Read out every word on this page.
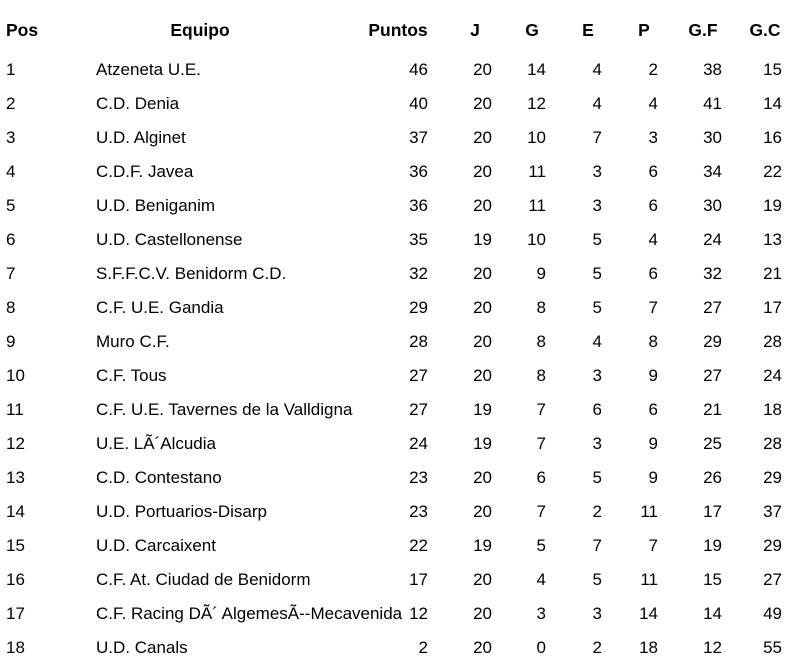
Pos	Equipo	Puntos	J	G	E	P	G.F	G.C
1	Atzeneta U.E.	46	20	14	4	2	38	15
2	C.D. Denia	40	20	12	4	4	41	14
3	U.D. Alginet	37	20	10	7	3	30	16
4	C.D.F. Javea	36	20	11	3	6	34	22
5	U.D. Beniganim	36	20	11	3	6	30	19
6	U.D. Castellonense	35	19	10	5	4	24	13
7	S.F.F.C.V. Benidorm C.D.	32	20	9	5	6	32	21
8	C.F. U.E. Gandia	29	20	8	5	7	27	17
9	Muro C.F.	28	20	8	4	8	29	28
10	C.F. Tous	27	20	8	3	9	27	24
11	C.F. U.E. Tavernes de la Valldigna	27	19	7	6	6	21	18
12	U.E. LÃ´Alcudia	24	19	7	3	9	25	28
13	C.D. Contestano	23	20	6	5	9	26	29
14	U.D. Portuarios-Disarp	23	20	7	2	11	17	37
15	U.D. Carcaixent	22	19	5	7	7	19	29
16	C.F. At. Ciudad de Benidorm	17	20	4	5	11	15	27
17	C.F. Racing DÃ´ AlgemesÃ--Mecavenida	12	20	3	3	14	14	49
18	U.D. Canals	2	20	0	2	18	12	55
